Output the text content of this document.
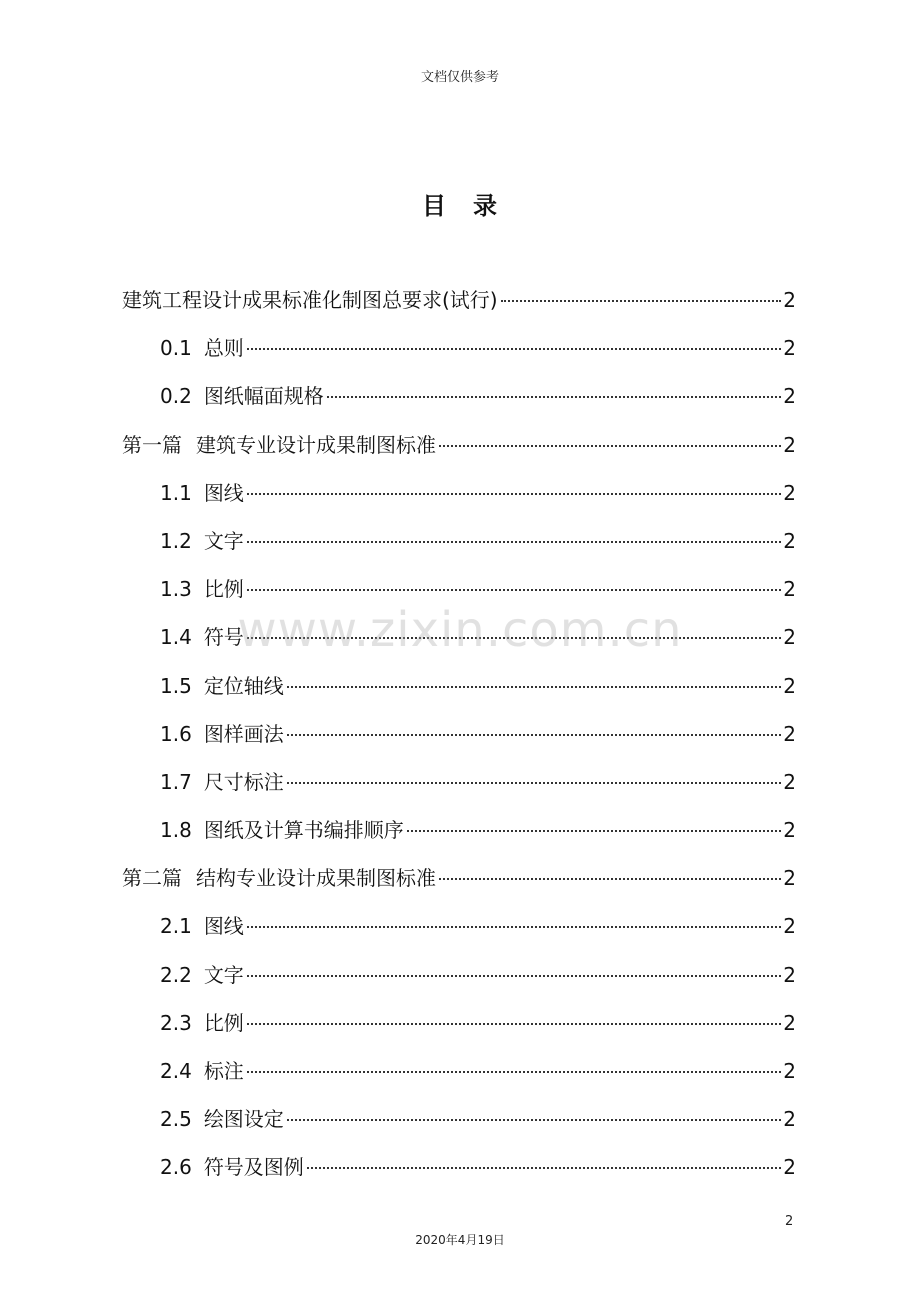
文档仅供参考
目 录
建筑工程设计成果标准化制图总要求(试行)	2
0.1 总则	2
0.2 图纸幅面规格	2
第一篇 建筑专业设计成果制图标准	2
1.1 图线	2
1.2 文字	2
1.3 比例	2
1.4 符号	2
1.5 定位轴线	2
1.6 图样画法	2
1.7 尺寸标注	2
1.8 图纸及计算书编排顺序	2
第二篇 结构专业设计成果制图标准	2
2.1 图线	2
2.2 文字	2
2.3 比例	2
2.4 标注	2
2.5 绘图设定	2
2.6 符号及图例	2
www.zixin.com.cn
2
2020年4月19日
